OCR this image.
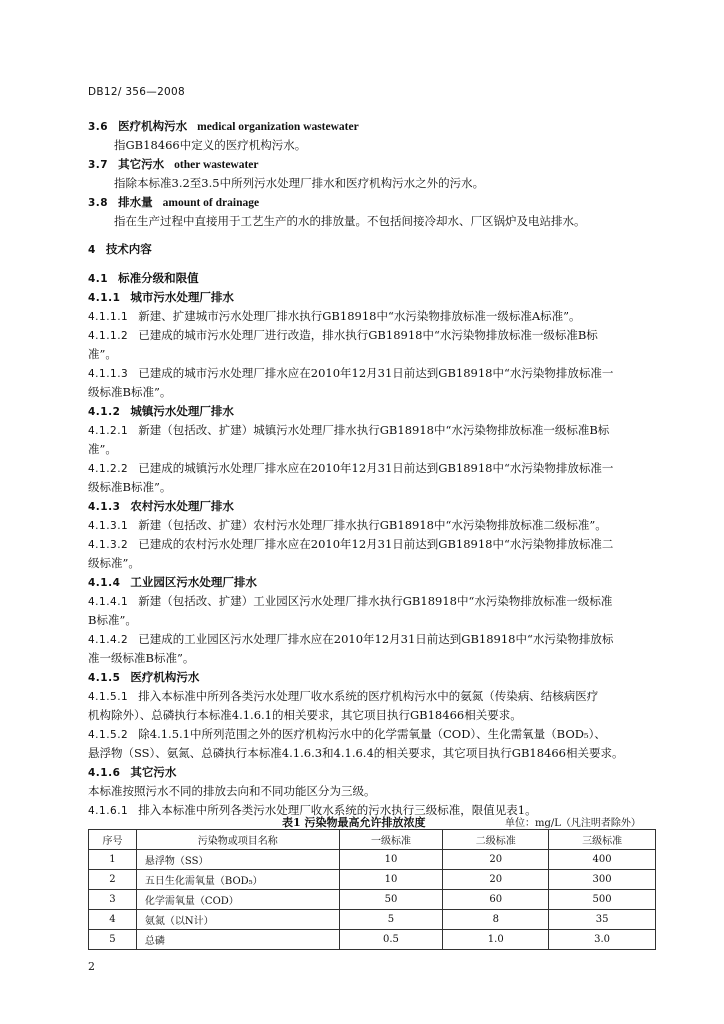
DB12/ 356—2008
3.6 医疗机构污水 medical organization wastewater
指GB18466中定义的医疗机构污水。
3.7 其它污水 other wastewater
指除本标准3.2至3.5中所列污水处理厂排水和医疗机构污水之外的污水。
3.8 排水量 amount of drainage
指在生产过程中直接用于工艺生产的水的排放量。不包括间接冷却水、厂区锅炉及电站排水。
4 技术内容
4.1 标准分级和限值
4.1.1 城市污水处理厂排水
4.1.1.1 新建、扩建城市污水处理厂排水执行GB18918中“水污染物排放标准一级标准A标准”。
4.1.1.2 已建成的城市污水处理厂进行改造，排水执行GB18918中“水污染物排放标准一级标准B标
准”。
4.1.1.3 已建成的城市污水处理厂排水应在2010年12月31日前达到GB18918中“水污染物排放标准一
级标准B标准”。
4.1.2 城镇污水处理厂排水
4.1.2.1 新建（包括改、扩建）城镇污水处理厂排水执行GB18918中“水污染物排放标准一级标准B标
准”。
4.1.2.2 已建成的城镇污水处理厂排水应在2010年12月31日前达到GB18918中“水污染物排放标准一
级标准B标准”。
4.1.3 农村污水处理厂排水
4.1.3.1 新建（包括改、扩建）农村污水处理厂排水执行GB18918中“水污染物排放标准二级标准”。
4.1.3.2 已建成的农村污水处理厂排水应在2010年12月31日前达到GB18918中“水污染物排放标准二
级标准”。
4.1.4 工业园区污水处理厂排水
4.1.4.1 新建（包括改、扩建）工业园区污水处理厂排水执行GB18918中“水污染物排放标准一级标准
B标准”。
4.1.4.2 已建成的工业园区污水处理厂排水应在2010年12月31日前达到GB18918中“水污染物排放标
准一级标准B标准”。
4.1.5 医疗机构污水
4.1.5.1 排入本标准中所列各类污水处理厂收水系统的医疗机构污水中的氨氮（传染病、结核病医疗
机构除外）、总磷执行本标准4.1.6.1的相关要求，其它项目执行GB18466相关要求。
4.1.5.2 除4.1.5.1中所列范围之外的医疗机构污水中的化学需氧量（COD）、生化需氧量（BOD₅）、
悬浮物（SS）、氨氮、总磷执行本标准4.1.6.3和4.1.6.4的相关要求，其它项目执行GB18466相关要求。
4.1.6 其它污水
本标准按照污水不同的排放去向和不同功能区分为三级。
4.1.6.1 排入本标准中所列各类污水处理厂收水系统的污水执行三级标准，限值见表1。
表1 污染物最高允许排放浓度	单位：mg/L（凡注明者除外）
序号	污染物或项目名称	一级标准	二级标准	三级标准
1	悬浮物（SS）	10	20	400
2	五日生化需氧量（BOD₅）	10	20	300
3	化学需氧量（COD）	50	60	500
4	氨氮（以N计）	5	8	35
5	总磷	0.5	1.0	3.0
2
